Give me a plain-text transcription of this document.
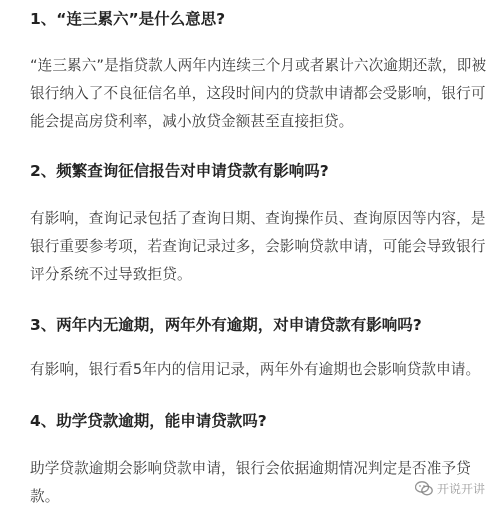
1、“连三累六”是什么意思?

“连三累六”是指贷款人两年内连续三个月或者累计六次逾期还款，即被银行纳入了不良征信名单，这段时间内的贷款申请都会受影响，银行可能会提高房贷利率，减小放贷金额甚至直接拒贷。

2、频繁查询征信报告对申请贷款有影响吗?

有影响，查询记录包括了查询日期、查询操作员、查询原因等内容，是银行重要参考项，若查询记录过多，会影响贷款申请，可能会导致银行评分系统不过导致拒贷。

3、两年内无逾期，两年外有逾期，对申请贷款有影响吗?

有影响，银行看5年内的信用记录，两年外有逾期也会影响贷款申请。

4、助学贷款逾期，能申请贷款吗?

助学贷款逾期会影响贷款申请，银行会依据逾期情况判定是否准予贷款。	开说开讲
